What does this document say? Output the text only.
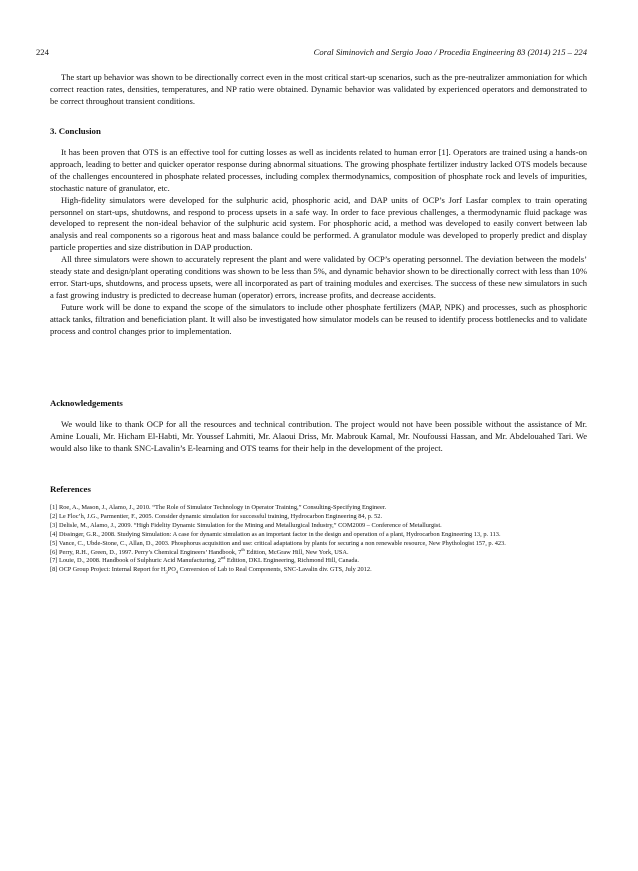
224	Coral Siminovich and Sergio Joao / Procedia Engineering 83 (2014) 215 – 224

The start up behavior was shown to be directionally correct even in the most critical start-up scenarios, such as the pre-neutralizer ammoniation for which correct reaction rates, densities, temperatures, and NP ratio were obtained. Dynamic behavior was validated by experienced operators and demonstrated to be correct throughout transient conditions.

3. Conclusion

It has been proven that OTS is an effective tool for cutting losses as well as incidents related to human error [1]. Operators are trained using a hands-on approach, leading to better and quicker operator response during abnormal situations. The growing phosphate fertilizer industry lacked OTS models because of the challenges encountered in phosphate related processes, including complex thermodynamics, composition of phosphate rock and levels of impurities, stochastic nature of granulator, etc.

High-fidelity simulators were developed for the sulphuric acid, phosphoric acid, and DAP units of OCP’s Jorf Lasfar complex to train operating personnel on start-ups, shutdowns, and respond to process upsets in a safe way. In order to face previous challenges, a thermodynamic fluid package was developed to represent the non-ideal behavior of the sulphuric acid system. For phosphoric acid, a method was developed to easily convert between lab analysis and real components so a rigorous heat and mass balance could be performed. A granulator module was developed to properly predict and display particle properties and size distribution in DAP production.

All three simulators were shown to accurately represent the plant and were validated by OCP’s operating personnel. The deviation between the models’ steady state and design/plant operating conditions was shown to be less than 5%, and dynamic behavior shown to be directionally correct with less than 10% error. Start-ups, shutdowns, and process upsets, were all incorporated as part of training modules and exercises. The success of these new simulators in such a fast growing industry is predicted to decrease human (operator) errors, increase profits, and decrease accidents.

Future work will be done to expand the scope of the simulators to include other phosphate fertilizers (MAP, NPK) and processes, such as phosphoric attack tanks, filtration and beneficiation plant. It will also be investigated how simulator models can be reused to identify process bottlenecks and to validate process and control changes prior to implementation.

Acknowledgements

We would like to thank OCP for all the resources and technical contribution. The project would not have been possible without the assistance of Mr. Amine Louali, Mr. Hicham El-Habti, Mr. Youssef Lahmiti, Mr. Alaoui Driss, Mr. Mabrouk Kamal, Mr. Noufoussi Hassan, and Mr. Abdelouahed Tari. We would also like to thank SNC-Lavalin’s E-learning and OTS teams for their help in the development of the project.

References
[1] Roe, A., Mason, J., Alamo, J., 2010. “The Role of Simulator Technology in Operator Training,” Consulting-Specifying Engineer.
[2] Le Floc’h, J.G., Parmentier, F., 2005. Consider dynamic simulation for successful training, Hydrocarbon Engineering 84, p. 52.
[3] Delisle, M., Alamo, J., 2009. “High Fidelity Dynamic Simulation for the Mining and Metallurgical Industry,” COM2009 – Conference of Metallurgist.
[4] Dissinger, G.R., 2008. Studying Simulation: A case for dynamic simulation as an important factor in the design and operation of a plant, Hydrocarbon Engineering 13, p. 113.
[5] Vance, C., Ubde-Stone, C., Allan, D., 2003. Phosphorus acquisition and use: critical adaptations by plants for securing a non renewable resource, New Phythologist 157, p. 423.
[6] Perry, R.H., Green, D., 1997. Perry’s Chemical Engineers’ Handbook, 7th Edition, McGraw Hill, New York, USA.
[7] Louie, D., 2008. Handbook of Sulphuric Acid Manufacturing, 2nd Edition, DKL Engineering, Richmond Hill, Canada.
[8] OCP Group Project: Internal Report for $H_3PO_4$ Conversion of Lab to Real Components, SNC-Lavalin div. GTS, July 2012.
